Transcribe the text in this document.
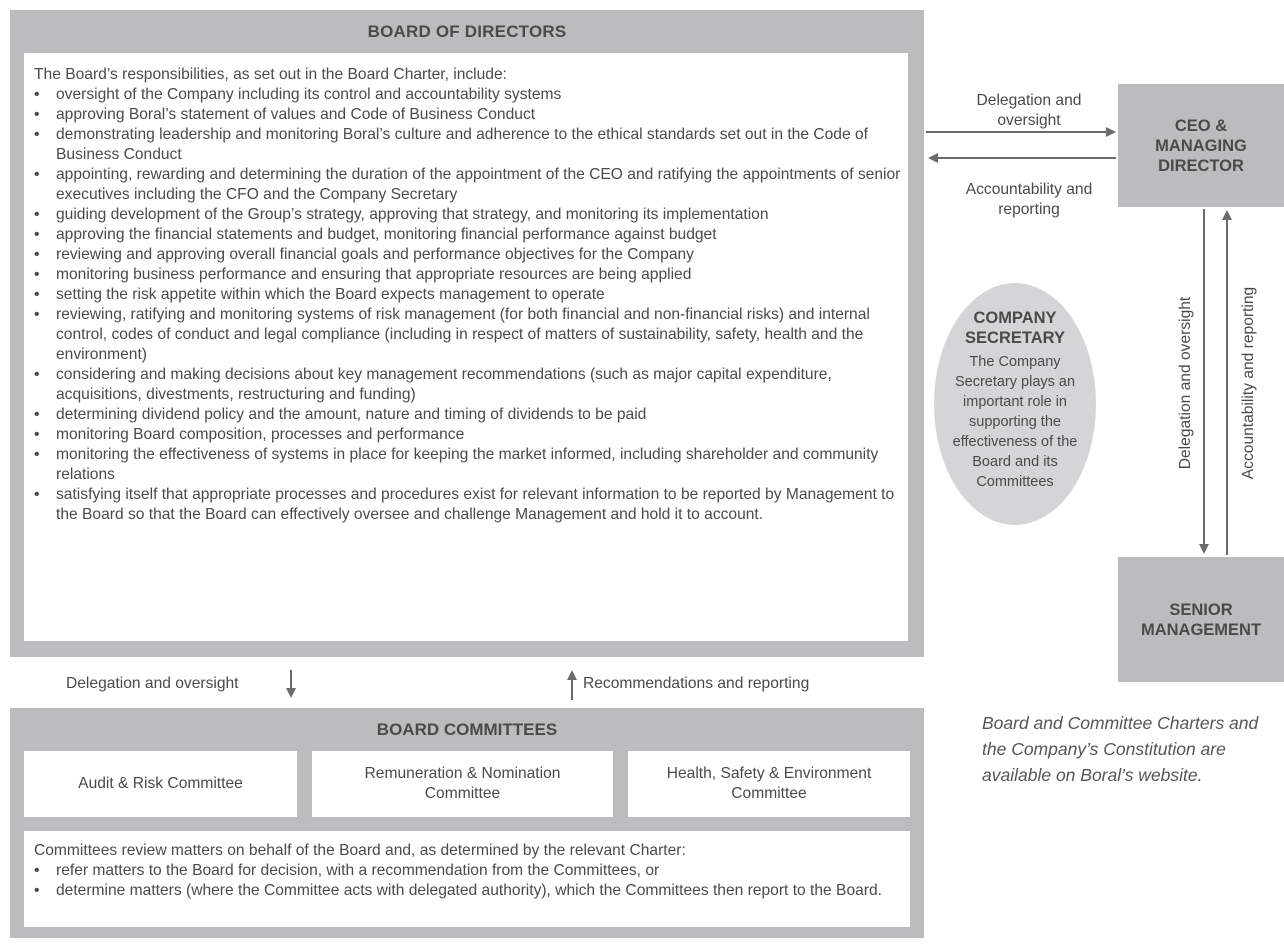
BOARD OF DIRECTORS

The Board’s responsibilities, as set out in the Board Charter, include:

• oversight of the Company including its control and accountability systems
• approving Boral’s statement of values and Code of Business Conduct
• demonstrating leadership and monitoring Boral’s culture and adherence to the ethical standards set out in the Code of Business Conduct
• appointing, rewarding and determining the duration of the appointment of the CEO and ratifying the appointments of senior executives including the CFO and the Company Secretary
• guiding development of the Group’s strategy, approving that strategy, and monitoring its implementation
• approving the financial statements and budget, monitoring financial performance against budget
• reviewing and approving overall financial goals and performance objectives for the Company
• monitoring business performance and ensuring that appropriate resources are being applied
• setting the risk appetite within which the Board expects management to operate
• reviewing, ratifying and monitoring systems of risk management (for both financial and non-financial risks) and internal control, codes of conduct and legal compliance (including in respect of matters of sustainability, safety, health and the environment)
• considering and making decisions about key management recommendations (such as major capital expenditure, acquisitions, divestments, restructuring and funding)
• determining dividend policy and the amount, nature and timing of dividends to be paid
• monitoring Board composition, processes and performance
• monitoring the effectiveness of systems in place for keeping the market informed, including shareholder and community relations
• satisfying itself that appropriate processes and procedures exist for relevant information to be reported by Management to the Board so that the Board can effectively oversee and challenge Management and hold it to account.
Delegation and oversight
Accountability and reporting
Delegation and oversight	Accountability and reporting
Delegation and oversight	Recommendations and reporting
CEO & MANAGING DIRECTOR
SENIOR MANAGEMENT
COMPANY SECRETARY
The Company Secretary plays an important role in supporting the effectiveness of the Board and its Committees
BOARD COMMITTEES
Audit & Risk Committee
Remuneration & Nomination Committee
Health, Safety & Environment Committee

Committees review matters on behalf of the Board and, as determined by the relevant Charter:

• refer matters to the Board for decision, with a recommendation from the Committees, or
• determine matters (where the Committee acts with delegated authority), which the Committees then report to the Board.
Board and Committee Charters and the Company’s Constitution are available on Boral’s website.
